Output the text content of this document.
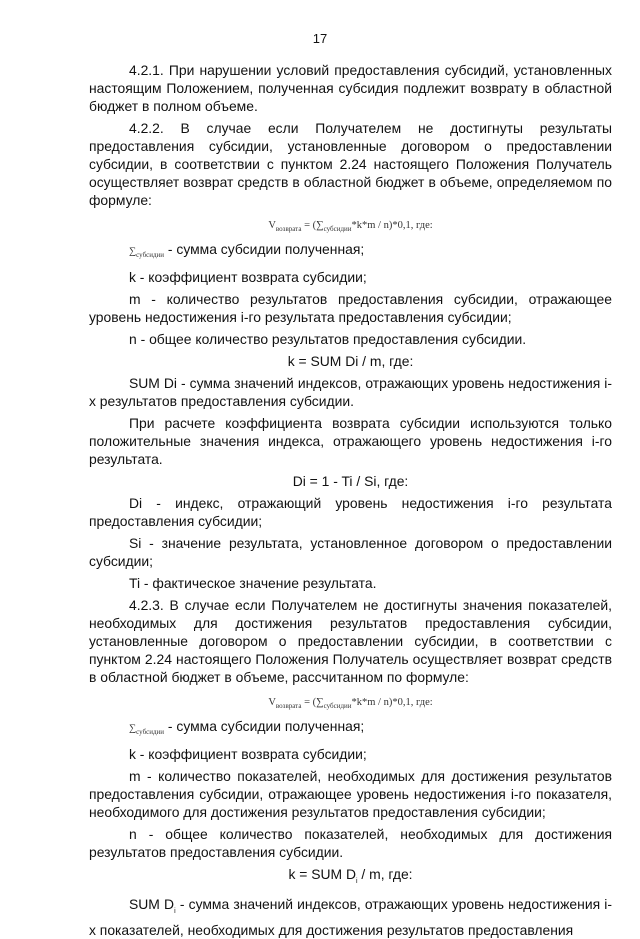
17

4.2.1. При нарушении условий предоставления субсидий, установленных настоящим Положением, полученная субсидия подлежит возврату в областной бюджет в полном объеме.

4.2.2. В случае если Получателем не достигнуты результаты предоставления субсидии, установленные договором о предоставлении субсидии, в соответствии с пунктом 2.24 настоящего Положения Получатель осуществляет возврат средств в областной бюджет в объеме, определяемом по формуле:

$V_{возврата} = (\sum_{субсидии}*k*m / n)*0,1$, где:

$\sum_{субсидии}$ - сумма субсидии полученная;

k - коэффициент возврата субсидии;

m - количество результатов предоставления субсидии, отражающее уровень недостижения i-го результата предоставления субсидии;

n - общее количество результатов предоставления субсидии.

k = SUM Di / m, где:

SUM Di - сумма значений индексов, отражающих уровень недостижения i-х результатов предоставления субсидии.

При расчете коэффициента возврата субсидии используются только положительные значения индекса, отражающего уровень недостижения i-го результата.

Di = 1 - Ti / Si, где:

Di - индекс, отражающий уровень недостижения i-го результата предоставления субсидии;

Si - значение результата, установленное договором о предоставлении субсидии;

Ti - фактическое значение результата.

4.2.3. В случае если Получателем не достигнуты значения показателей, необходимых для достижения результатов предоставления субсидии, установленные договором о предоставлении субсидии, в соответствии с пунктом 2.24 настоящего Положения Получатель осуществляет возврат средств в областной бюджет в объеме, рассчитанном по формуле:

$V_{возврата} = (\sum_{субсидии}*k*m / n)*0,1$, где:

$\sum_{субсидии}$ - сумма субсидии полученная;

k - коэффициент возврата субсидии;

m - количество показателей, необходимых для достижения результатов предоставления субсидии, отражающее уровень недостижения i-го показателя, необходимого для достижения результатов предоставления субсидии;

n - общее количество показателей, необходимых для достижения результатов предоставления субсидии.

k = SUM $D_i$ / m, где:

SUM $D_i$ - сумма значений индексов, отражающих уровень недостижения i-х показателей, необходимых для достижения результатов предоставления
